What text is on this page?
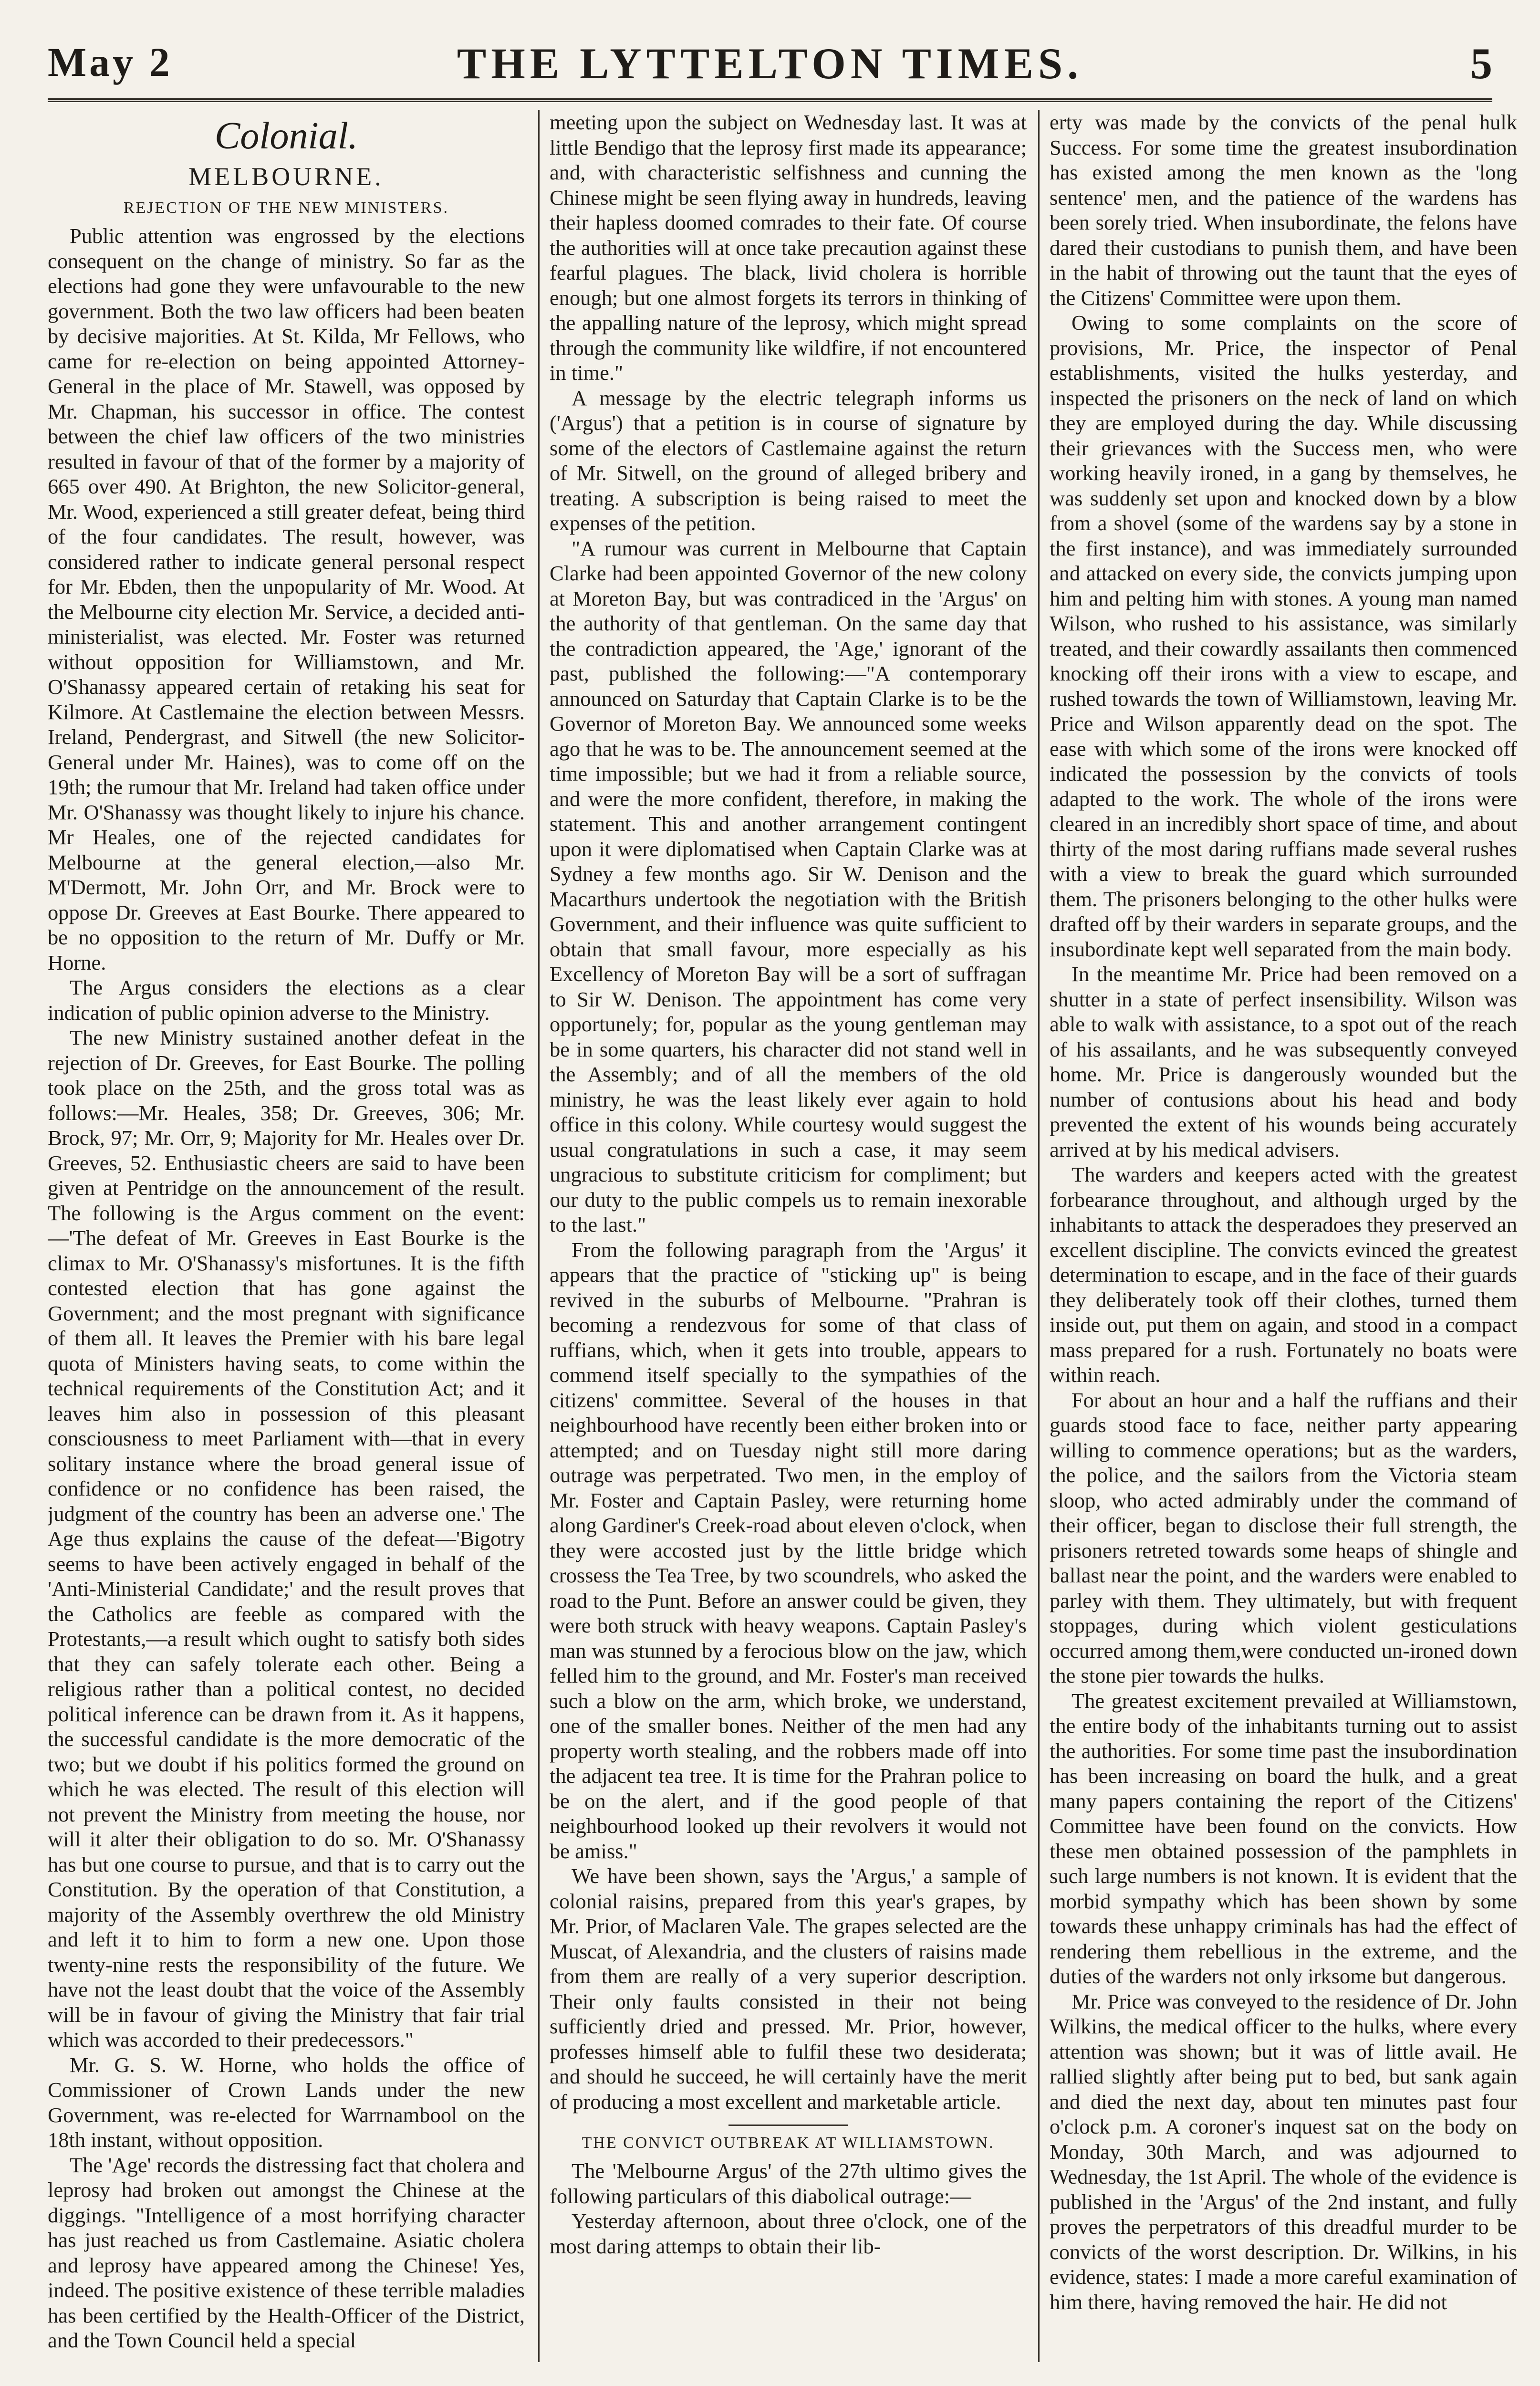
May 2	THE LYTTELTON TIMES.	5
Colonial.
MELBOURNE.
REJECTION OF THE NEW MINISTERS.

Public attention was engrossed by the elections consequent on the change of ministry. So far as the elections had gone they were unfavourable to the new government. Both the two law officers had been beaten by decisive majorities. At St. Kilda, Mr Fellows, who came for re-election on being appointed Attorney-General in the place of Mr. Stawell, was opposed by Mr. Chapman, his successor in office. The contest between the chief law officers of the two ministries resulted in favour of that of the former by a majority of 665 over 490. At Brighton, the new Solicitor-general, Mr. Wood, experienced a still greater defeat, being third of the four candidates. The result, however, was considered rather to indicate general personal respect for Mr. Ebden, then the unpopularity of Mr. Wood. At the Melbourne city election Mr. Service, a decided anti-ministerialist, was elected. Mr. Foster was returned without opposition for Williamstown, and Mr. O'Shanassy appeared certain of retaking his seat for Kilmore. At Castlemaine the election between Messrs. Ireland, Pendergrast, and Sitwell (the new Solicitor-General under Mr. Haines), was to come off on the 19th; the rumour that Mr. Ireland had taken office under Mr. O'Shanassy was thought likely to injure his chance. Mr Heales, one of the rejected candidates for Melbourne at the general election,—also Mr. M'Dermott, Mr. John Orr, and Mr. Brock were to oppose Dr. Greeves at East Bourke. There appeared to be no opposition to the return of Mr. Duffy or Mr. Horne.

The Argus considers the elections as a clear indication of public opinion adverse to the Ministry.

The new Ministry sustained another defeat in the rejection of Dr. Greeves, for East Bourke. The polling took place on the 25th, and the gross total was as follows:—Mr. Heales, 358; Dr. Greeves, 306; Mr. Brock, 97; Mr. Orr, 9; Majority for Mr. Heales over Dr. Greeves, 52. Enthusiastic cheers are said to have been given at Pentridge on the announcement of the result. The following is the Argus comment on the event:—'The defeat of Mr. Greeves in East Bourke is the climax to Mr. O'Shanassy's misfortunes. It is the fifth contested election that has gone against the Government; and the most pregnant with significance of them all. It leaves the Premier with his bare legal quota of Ministers having seats, to come within the technical requirements of the Constitution Act; and it leaves him also in possession of this pleasant consciousness to meet Parliament with—that in every solitary instance where the broad general issue of confidence or no confidence has been raised, the judgment of the country has been an adverse one.' The Age thus explains the cause of the defeat—'Bigotry seems to have been actively engaged in behalf of the 'Anti-Ministerial Candidate;' and the result proves that the Catholics are feeble as compared with the Protestants,—a result which ought to satisfy both sides that they can safely tolerate each other. Being a religious rather than a political contest, no decided political inference can be drawn from it. As it happens, the successful candidate is the more democratic of the two; but we doubt if his politics formed the ground on which he was elected. The result of this election will not prevent the Ministry from meeting the house, nor will it alter their obligation to do so. Mr. O'Shanassy has but one course to pursue, and that is to carry out the Constitution. By the operation of that Constitution, a majority of the Assembly overthrew the old Ministry and left it to him to form a new one. Upon those twenty-nine rests the responsibility of the future. We have not the least doubt that the voice of the Assembly will be in favour of giving the Ministry that fair trial which was accorded to their predecessors."

Mr. G. S. W. Horne, who holds the office of Commissioner of Crown Lands under the new Government, was re-elected for Warrnambool on the 18th instant, without opposition.

The 'Age' records the distressing fact that cholera and leprosy had broken out amongst the Chinese at the diggings. "Intelligence of a most horrifying character has just reached us from Castlemaine. Asiatic cholera and leprosy have appeared among the Chinese! Yes, indeed. The positive existence of these terrible maladies has been certified by the Health-Officer of the District, and the Town Council held a special

meeting upon the subject on Wednesday last. It was at little Bendigo that the leprosy first made its appearance; and, with characteristic selfishness and cunning the Chinese might be seen flying away in hundreds, leaving their hapless doomed comrades to their fate. Of course the authorities will at once take precaution against these fearful plagues. The black, livid cholera is horrible enough; but one almost forgets its terrors in thinking of the appalling nature of the leprosy, which might spread through the community like wildfire, if not encountered in time."

A message by the electric telegraph informs us ('Argus') that a petition is in course of signature by some of the electors of Castlemaine against the return of Mr. Sitwell, on the ground of alleged bribery and treating. A subscription is being raised to meet the expenses of the petition.

"A rumour was current in Melbourne that Captain Clarke had been appointed Governor of the new colony at Moreton Bay, but was contradiced in the 'Argus' on the authority of that gentleman. On the same day that the contradiction appeared, the 'Age,' ignorant of the past, published the following:—"A contemporary announced on Saturday that Captain Clarke is to be the Governor of Moreton Bay. We announced some weeks ago that he was to be. The announcement seemed at the time impossible; but we had it from a reliable source, and were the more confident, therefore, in making the statement. This and another arrangement contingent upon it were diplomatised when Captain Clarke was at Sydney a few months ago. Sir W. Denison and the Macarthurs undertook the negotiation with the British Government, and their influence was quite sufficient to obtain that small favour, more especially as his Excellency of Moreton Bay will be a sort of suffragan to Sir W. Denison. The appointment has come very opportunely; for, popular as the young gentleman may be in some quarters, his character did not stand well in the Assembly; and of all the members of the old ministry, he was the least likely ever again to hold office in this colony. While courtesy would suggest the usual congratulations in such a case, it may seem ungracious to substitute criticism for compliment; but our duty to the public compels us to remain inexorable to the last."

From the following paragraph from the 'Argus' it appears that the practice of "sticking up" is being revived in the suburbs of Melbourne. "Prahran is becoming a rendezvous for some of that class of ruffians, which, when it gets into trouble, appears to commend itself specially to the sympathies of the citizens' committee. Several of the houses in that neighbourhood have recently been either broken into or attempted; and on Tuesday night still more daring outrage was perpetrated. Two men, in the employ of Mr. Foster and Captain Pasley, were returning home along Gardiner's Creek-road about eleven o'clock, when they were accosted just by the little bridge which crossess the Tea Tree, by two scoundrels, who asked the road to the Punt. Before an answer could be given, they were both struck with heavy weapons. Captain Pasley's man was stunned by a ferocious blow on the jaw, which felled him to the ground, and Mr. Foster's man received such a blow on the arm, which broke, we understand, one of the smaller bones. Neither of the men had any property worth stealing, and the robbers made off into the adjacent tea tree. It is time for the Prahran police to be on the alert, and if the good people of that neighbourhood looked up their revolvers it would not be amiss."

We have been shown, says the 'Argus,' a sample of colonial raisins, prepared from this year's grapes, by Mr. Prior, of Maclaren Vale. The grapes selected are the Muscat, of Alexandria, and the clusters of raisins made from them are really of a very superior description. Their only faults consisted in their not being sufficiently dried and pressed. Mr. Prior, however, professes himself able to fulfil these two desiderata; and should he succeed, he will certainly have the merit of producing a most excellent and marketable article.

THE CONVICT OUTBREAK AT WILLIAMSTOWN.

The 'Melbourne Argus' of the 27th ultimo gives the following particulars of this diabolical outrage:—

Yesterday afternoon, about three o'clock, one of the most daring attemps to obtain their lib-

erty was made by the convicts of the penal hulk Success. For some time the greatest insubordination has existed among the men known as the 'long sentence' men, and the patience of the wardens has been sorely tried. When insubordinate, the felons have dared their custodians to punish them, and have been in the habit of throwing out the taunt that the eyes of the Citizens' Committee were upon them.

Owing to some complaints on the score of provisions, Mr. Price, the inspector of Penal establishments, visited the hulks yesterday, and inspected the prisoners on the neck of land on which they are employed during the day. While discussing their grievances with the Success men, who were working heavily ironed, in a gang by themselves, he was suddenly set upon and knocked down by a blow from a shovel (some of the wardens say by a stone in the first instance), and was immediately surrounded and attacked on every side, the convicts jumping upon him and pelting him with stones. A young man named Wilson, who rushed to his assistance, was similarly treated, and their cowardly assailants then commenced knocking off their irons with a view to escape, and rushed towards the town of Williamstown, leaving Mr. Price and Wilson apparently dead on the spot. The ease with which some of the irons were knocked off indicated the possession by the convicts of tools adapted to the work. The whole of the irons were cleared in an incredibly short space of time, and about thirty of the most daring ruffians made several rushes with a view to break the guard which surrounded them. The prisoners belonging to the other hulks were drafted off by their warders in separate groups, and the insubordinate kept well separated from the main body.

In the meantime Mr. Price had been removed on a shutter in a state of perfect insensibility. Wilson was able to walk with assistance, to a spot out of the reach of his assailants, and he was subsequently conveyed home. Mr. Price is dangerously wounded but the number of contusions about his head and body prevented the extent of his wounds being accurately arrived at by his medical advisers.

The warders and keepers acted with the greatest forbearance throughout, and although urged by the inhabitants to attack the desperadoes they preserved an excellent discipline. The convicts evinced the greatest determination to escape, and in the face of their guards they deliberately took off their clothes, turned them inside out, put them on again, and stood in a compact mass prepared for a rush. Fortunately no boats were within reach.

For about an hour and a half the ruffians and their guards stood face to face, neither party appearing willing to commence operations; but as the warders, the police, and the sailors from the Victoria steam sloop, who acted admirably under the command of their officer, began to disclose their full strength, the prisoners retreted towards some heaps of shingle and ballast near the point, and the warders were enabled to parley with them. They ultimately, but with frequent stoppages, during which violent gesticulations occurred among them,were conducted un-ironed down the stone pier towards the hulks.

The greatest excitement prevailed at Williamstown, the entire body of the inhabitants turning out to assist the authorities. For some time past the insubordination has been increasing on board the hulk, and a great many papers containing the report of the Citizens' Committee have been found on the convicts. How these men obtained possession of the pamphlets in such large numbers is not known. It is evident that the morbid sympathy which has been shown by some towards these unhappy criminals has had the effect of rendering them rebellious in the extreme, and the duties of the warders not only irksome but dangerous.

Mr. Price was conveyed to the residence of Dr. John Wilkins, the medical officer to the hulks, where every attention was shown; but it was of little avail. He rallied slightly after being put to bed, but sank again and died the next day, about ten minutes past four o'clock p.m. A coroner's inquest sat on the body on Monday, 30th March, and was adjourned to Wednesday, the 1st April. The whole of the evidence is published in the 'Argus' of the 2nd instant, and fully proves the perpetrators of this dreadful murder to be convicts of the worst description. Dr. Wilkins, in his evidence, states: I made a more careful examination of him there, having removed the hair. He did not
